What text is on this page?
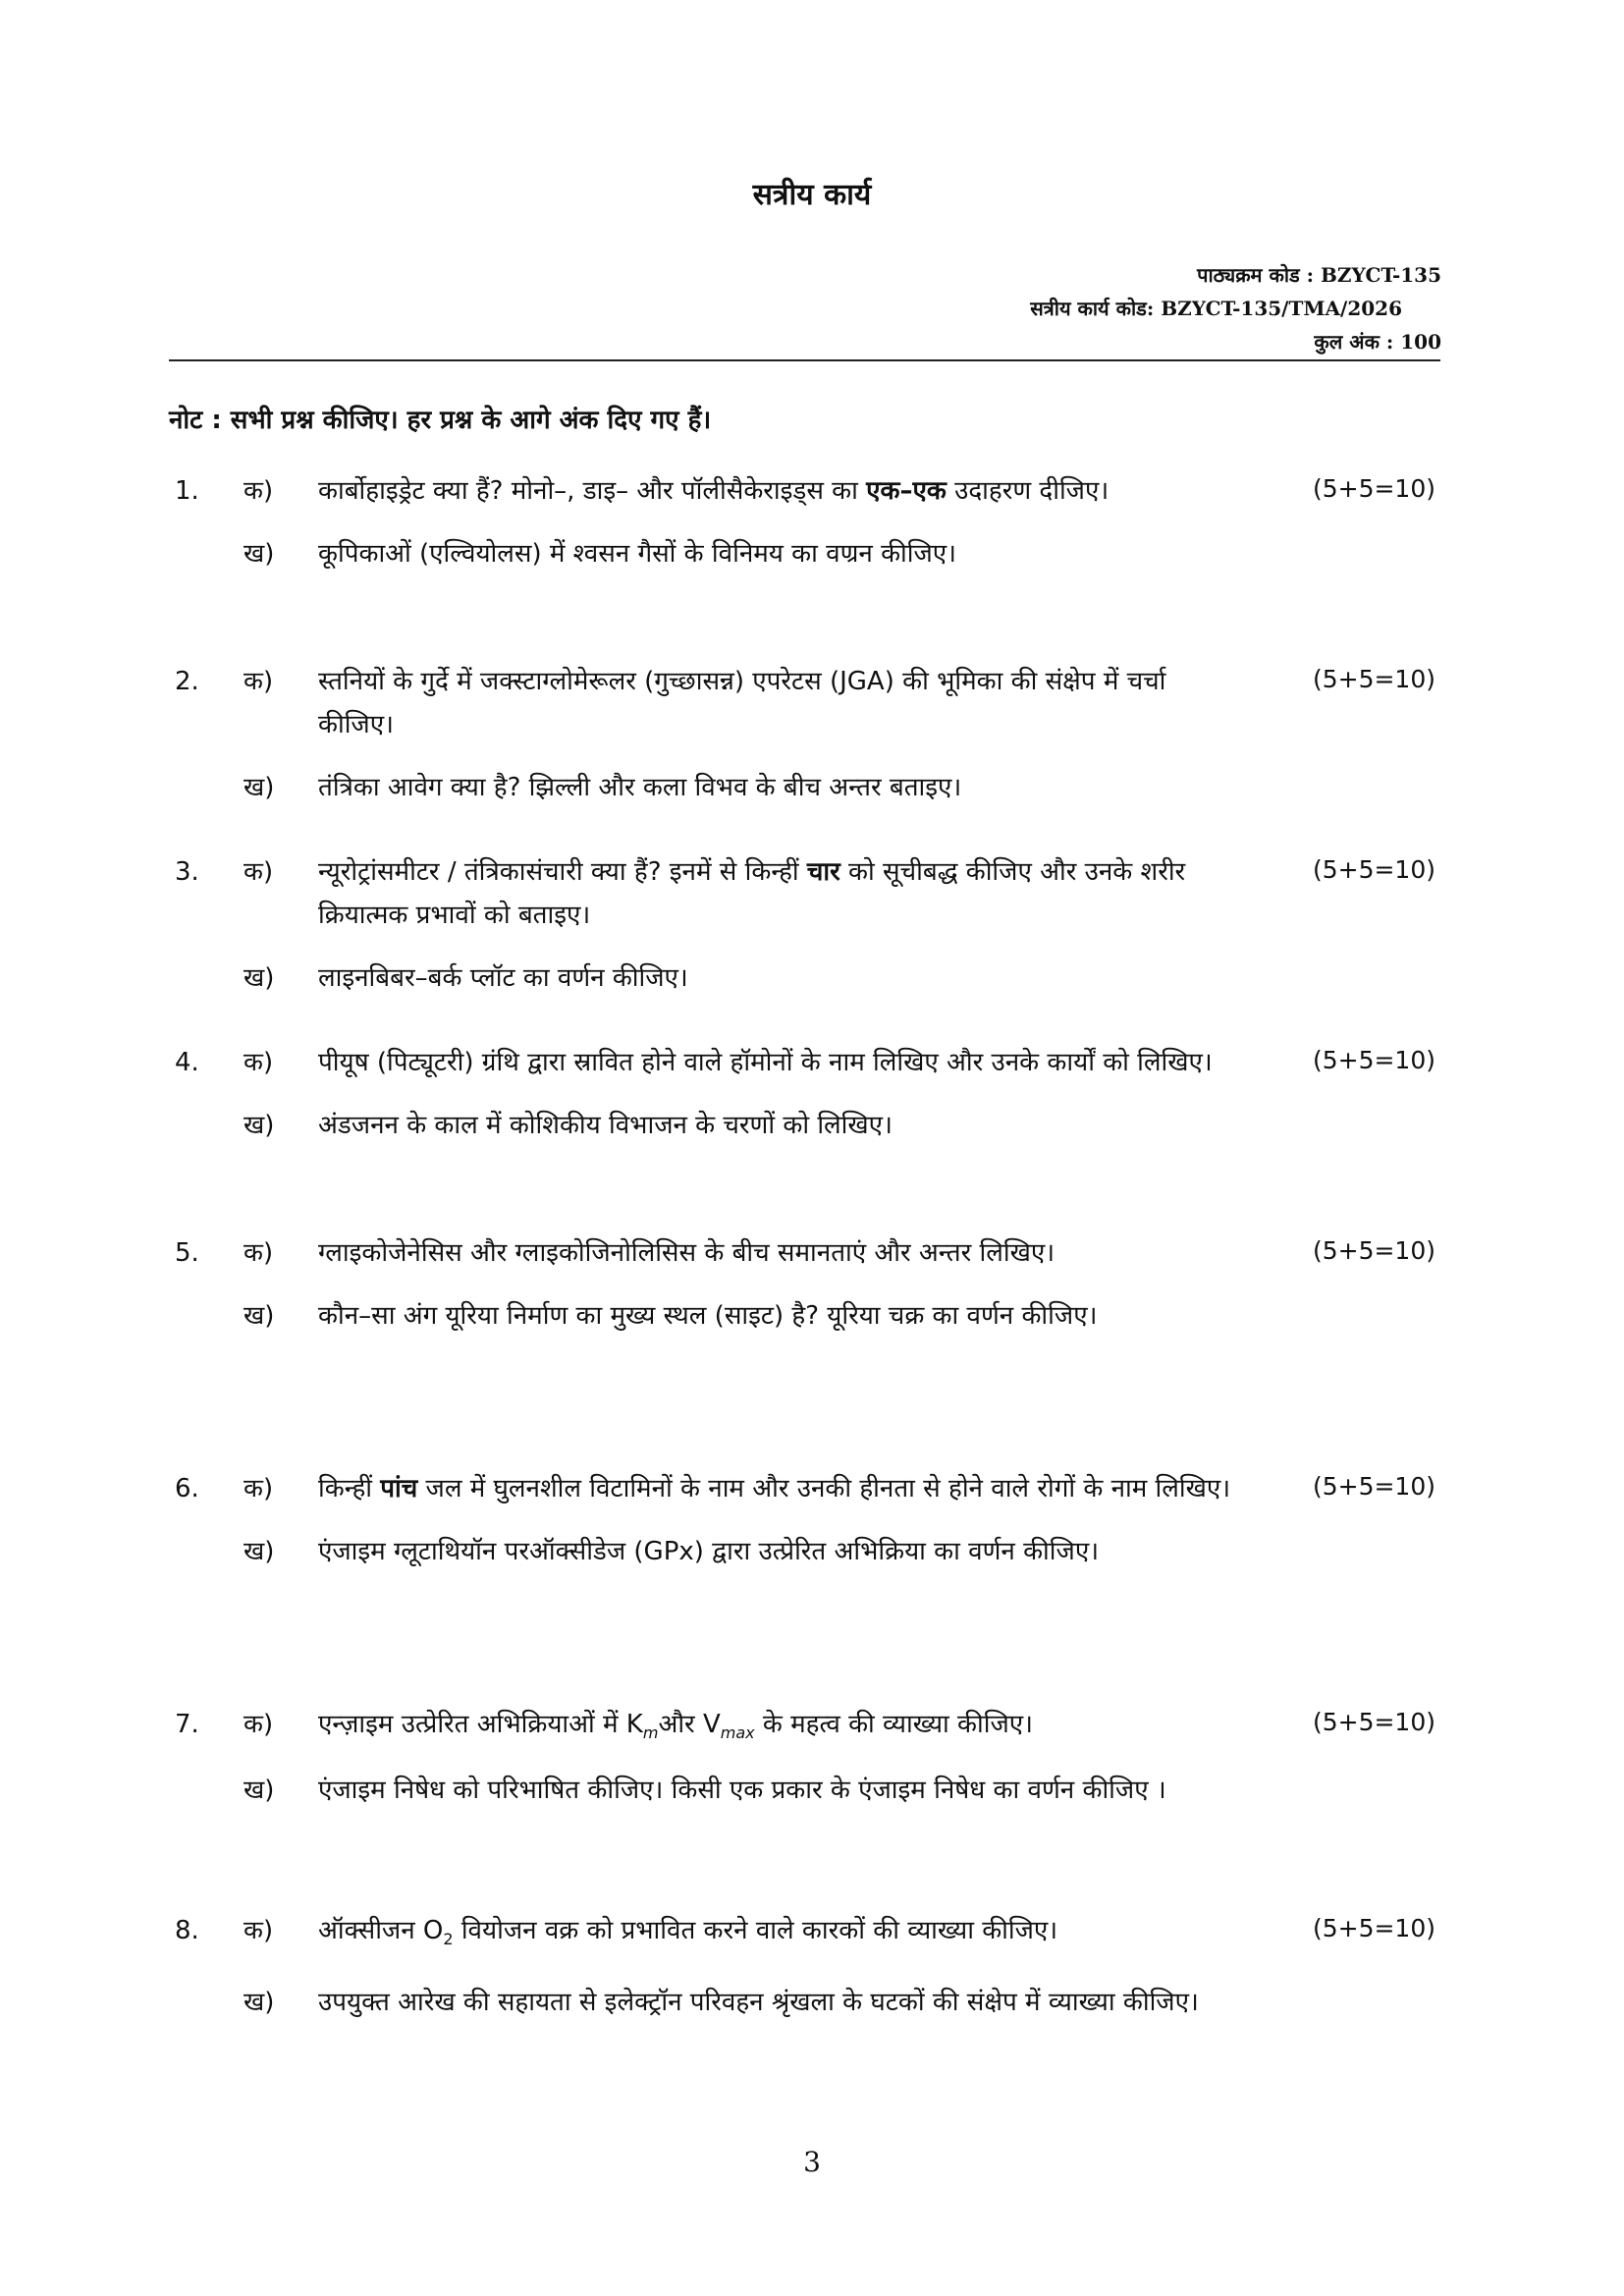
सत्रीय कार्य
पाठ्यक्रम कोड : BZYCT-135
सत्रीय कार्य कोड: BZYCT-135/TMA/2026
कुल अंक : 100
नोट : सभी प्रश्न कीजिए। हर प्रश्न के आगे अंक दिए गए हैं।
1. क) कार्बोहाइड्रेट क्या हैं? मोनो–, डाइ– और पॉलीसैकेराइड्स का एक–एक उदाहरण दीजिए।	(5+5=10)
ख) कूपिकाओं (एल्वियोलस) में श्वसन गैसों के विनिमय का वण्रन कीजिए।
2. क) स्तनियों के गुर्दे में जक्स्टाग्लोमेरूलर (गुच्छासन्न) एपरेटस (JGA) की भूमिका की संक्षेप में चर्चा कीजिए।
(5+5=10)
ख) तंत्रिका आवेग क्या है? झिल्ली और कला विभव के बीच अन्तर बताइए।
3. क) न्यूरोट्रांसमीटर / तंत्रिकासंचारी क्या हैं? इनमें से किन्हीं चार को सूचीबद्ध कीजिए और उनके शरीर क्रियात्मक प्रभावों को बताइए।
(5+5=10)
ख) लाइनबिबर–बर्क प्लॉट का वर्णन कीजिए।
4. क) पीयूष (पिट्यूटरी) ग्रंथि द्वारा स्रावित होने वाले हॉमोनों के नाम लिखिए और उनके कार्यों को लिखिए।	(5+5=10)
ख) अंडजनन के काल में कोशिकीय विभाजन के चरणों को लिखिए।
5. क) ग्लाइकोजेनेसिस और ग्लाइकोजिनोलिसिस के बीच समानताएं और अन्तर लिखिए।	(5+5=10)
ख) कौन–सा अंग यूरिया निर्माण का मुख्य स्थल (साइट) है? यूरिया चक्र का वर्णन कीजिए।
6. क) किन्हीं पांच जल में घुलनशील विटामिनों के नाम और उनकी हीनता से होने वाले रोगों के नाम लिखिए।	(5+5=10)
ख) एंजाइम ग्लूटाथियॉन परऑक्सीडेज (GPx) द्वारा उत्प्रेरित अभिक्रिया का वर्णन कीजिए।
7. क) एन्ज़ाइम उत्प्रेरित अभिक्रियाओं में $K_mऔर$ $V_{max}$ के महत्व की व्याख्या कीजिए।	(5+5=10)
ख) एंजाइम निषेध को परिभाषित कीजिए। किसी एक प्रकार के एंजाइम निषेध का वर्णन कीजिए ।
8. क) ऑक्सीजन $O_2$ वियोजन वक्र को प्रभावित करने वाले कारकों की व्याख्या कीजिए।	(5+5=10)
ख) उपयुक्त आरेख की सहायता से इलेक्ट्रॉन परिवहन श्रृंखला के घटकों की संक्षेप में व्याख्या कीजिए।
3
